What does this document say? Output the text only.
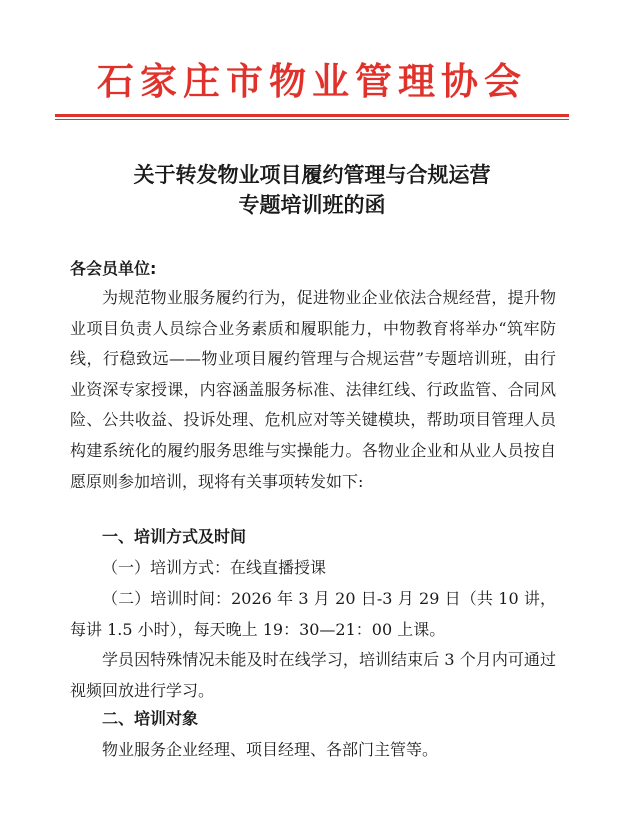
石家庄市物业管理协会
关于转发物业项目履约管理与合规运营
专题培训班的函
各会员单位:
为规范物业服务履约行为，促进物业企业依法合规经营，提升物业项目负责人员综合业务素质和履职能力，中物教育将举办“筑牢防线，行稳致远——物业项目履约管理与合规运营”专题培训班，由行业资深专家授课，内容涵盖服务标准、法律红线、行政监管、合同风险、公共收益、投诉处理、危机应对等关键模块，帮助项目管理人员构建系统化的履约服务思维与实操能力。各物业企业和从业人员按自愿原则参加培训，现将有关事项转发如下:
一、培训方式及时间
（一）培训方式：在线直播授课
（二）培训时间：2026 年 3 月 20 日-3 月 29 日（共 10 讲，每讲 1.5 小时），每天晚上 19：30—21：00 上课。
学员因特殊情况未能及时在线学习，培训结束后 3 个月内可通过视频回放进行学习。
二、培训对象
物业服务企业经理、项目经理、各部门主管等。
